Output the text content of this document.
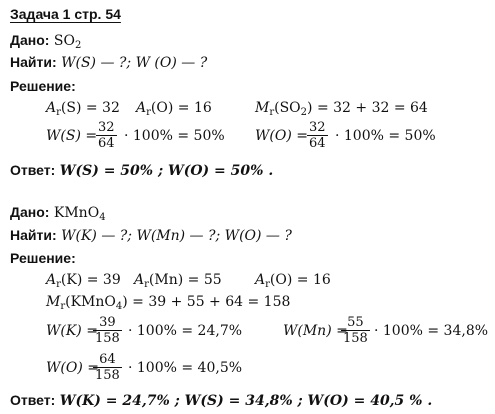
Задача 1 стр. 54
Дано: $SO_2$
Найти: W(S) — ?; W (O) — ?
Решение:
$A_r(S) = 32$ $A_r(O) = 16$	$M_r(SO_2) = 32 + 32 = 64$
W(S) =
32
64 · 100% = 50% W(O) =
32
64 · 100% = 50%
Ответ: W(S) = 50% ; W(O) = 50% .
Дано: KMnO$_4$
Найти: W(K) — ?; W(Mn) — ?; W(O) — ?
Решение:
$A_r(K) = 39$ $A_r(Mn) = 55$ $A_r(O) = 16$
$M_r(KMnO_4) = 39 + 55 + 64 = 158$
W(K) =
39
158 · 100% = 24,7%	W(Mn) =
55
158 · 100% = 34,8%
W(O) =
64
158 · 100% = 40,5%
Ответ: W(K) = 24,7% ; W(S) = 34,8% ; W(O) = 40,5 % .
